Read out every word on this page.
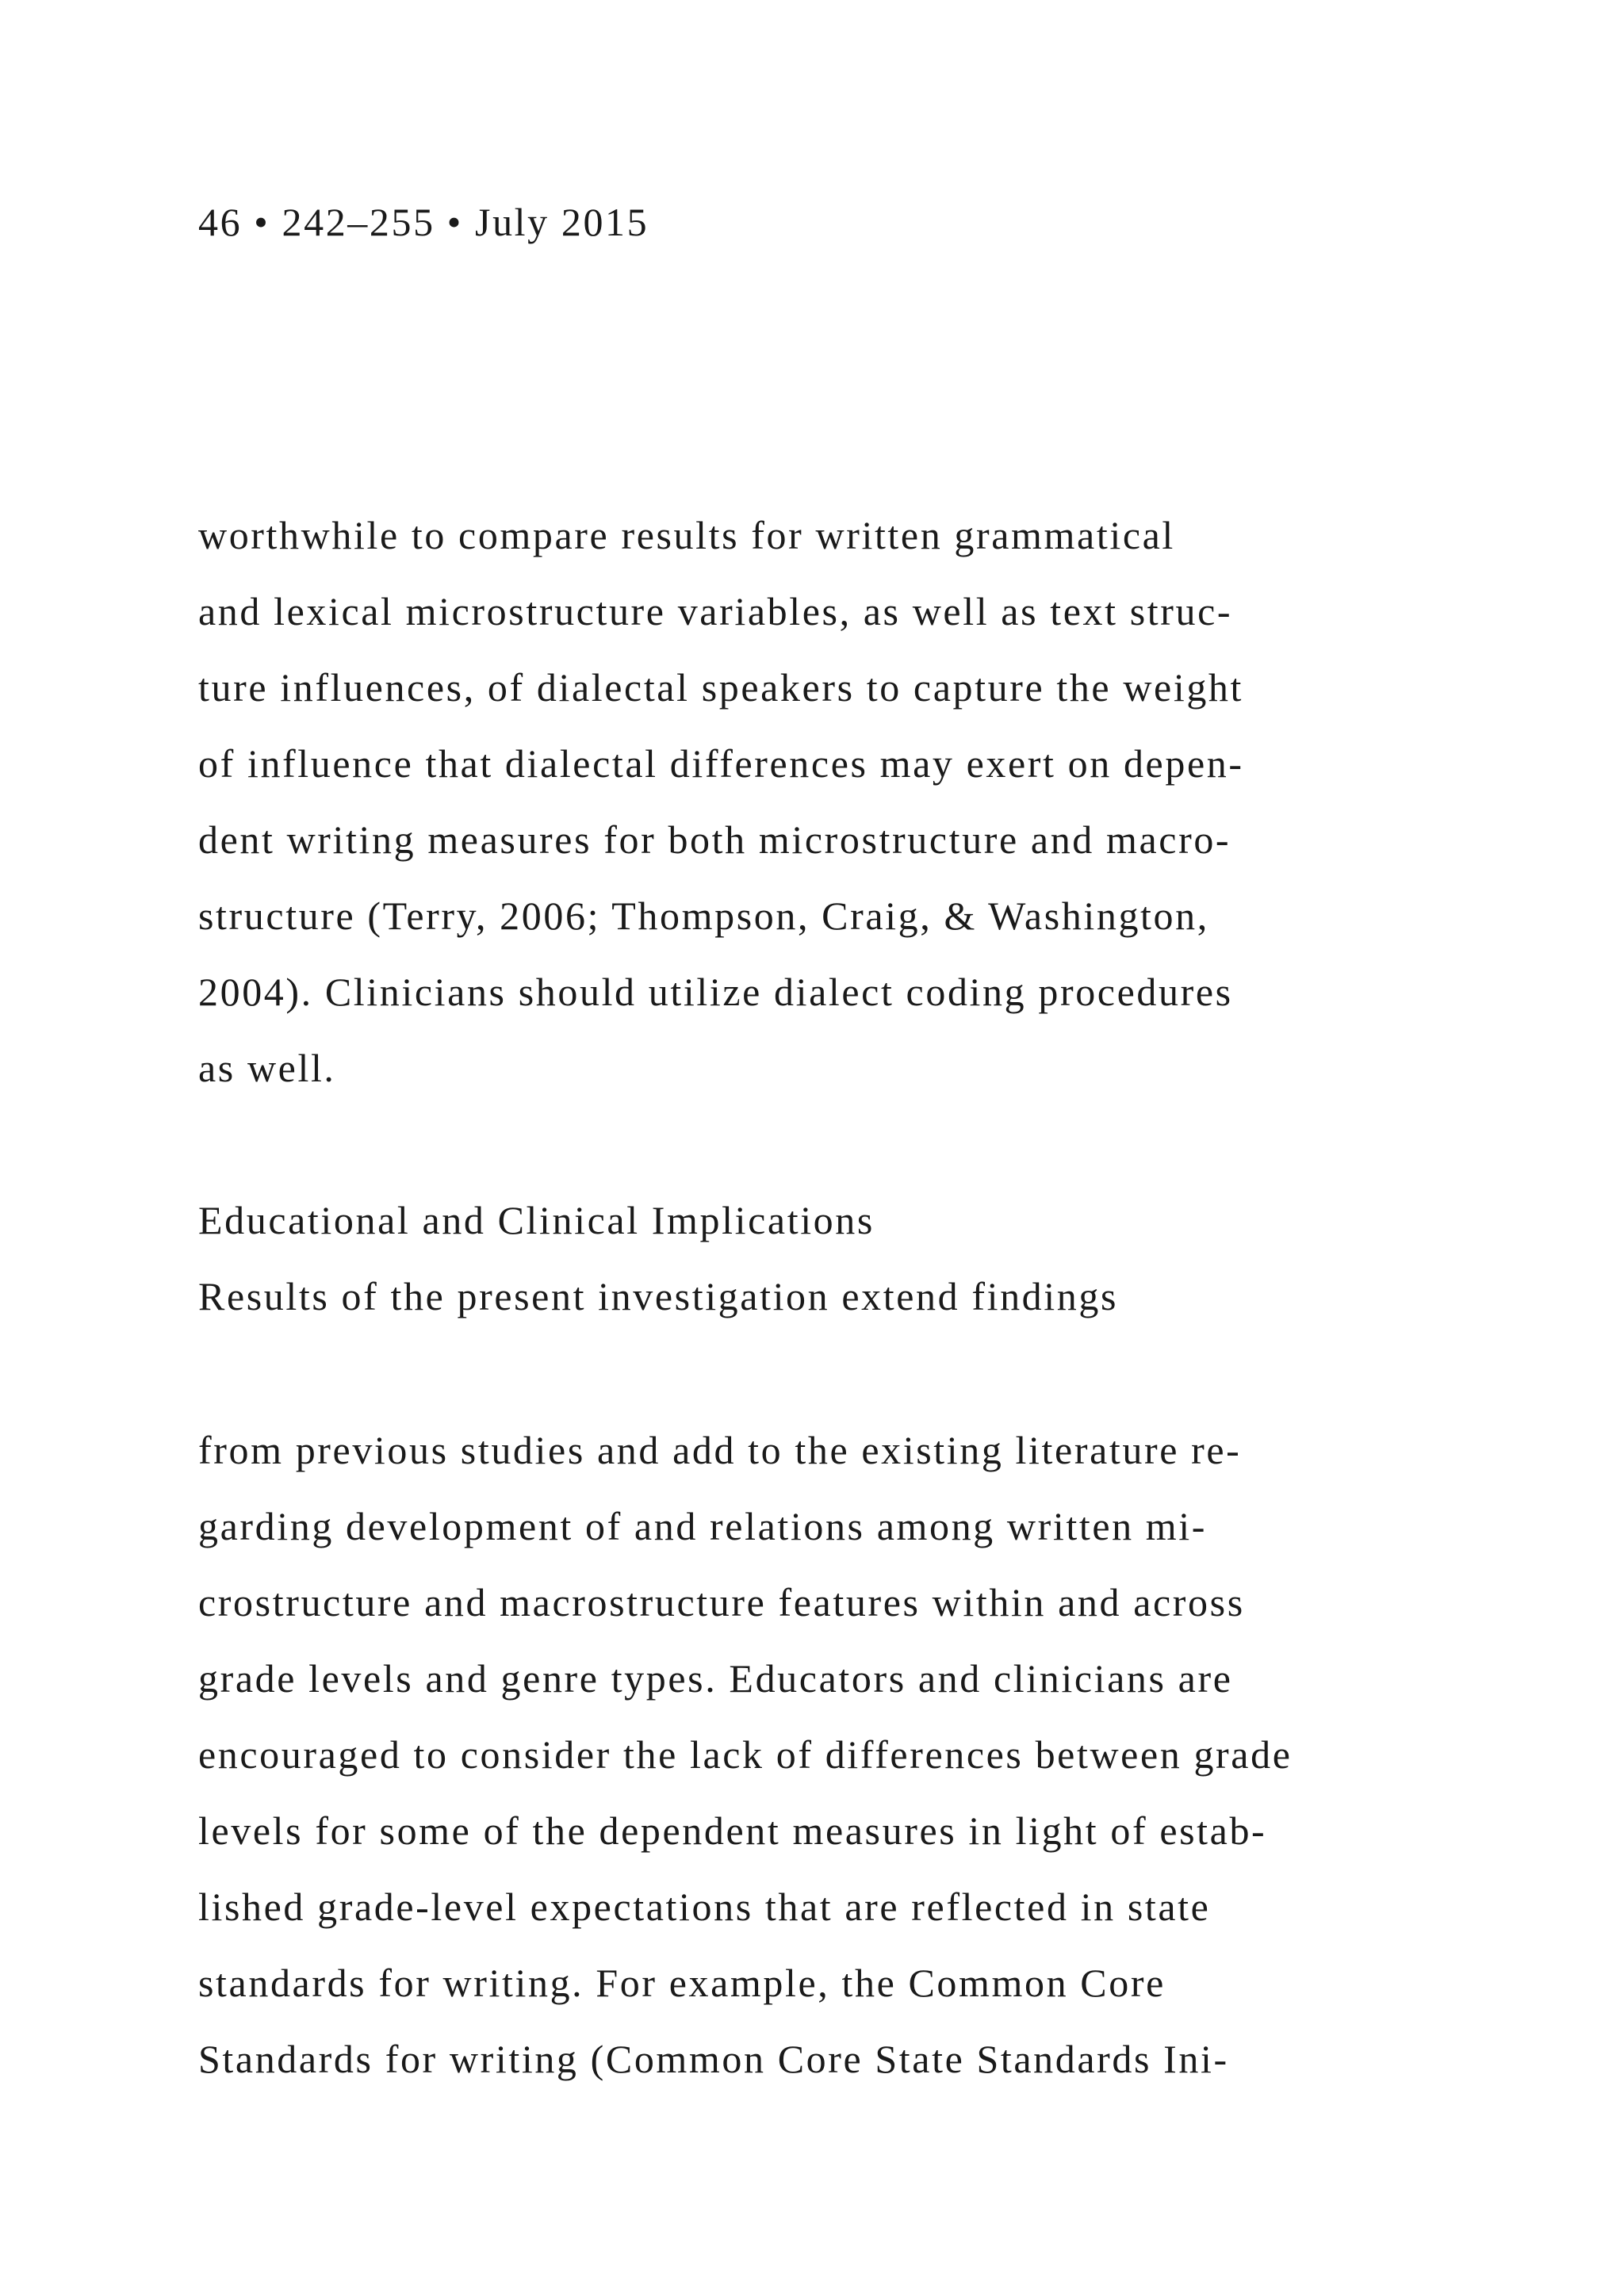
46 • 242–255 • July 2015
worthwhile to compare results for written grammatical
and lexical microstructure variables, as well as text struc-
ture influences, of dialectal speakers to capture the weight
of influence that dialectal differences may exert on depen-
dent writing measures for both microstructure and macro-
structure (Terry, 2006; Thompson, Craig, & Washington,
2004). Clinicians should utilize dialect coding procedures
as well.
Educational and Clinical Implications
Results of the present investigation extend findings
from previous studies and add to the existing literature re-
garding development of and relations among written mi-
crostructure and macrostructure features within and across
grade levels and genre types. Educators and clinicians are
encouraged to consider the lack of differences between grade
levels for some of the dependent measures in light of estab-
lished grade-level expectations that are reflected in state
standards for writing. For example, the Common Core
Standards for writing (Common Core State Standards Ini-
